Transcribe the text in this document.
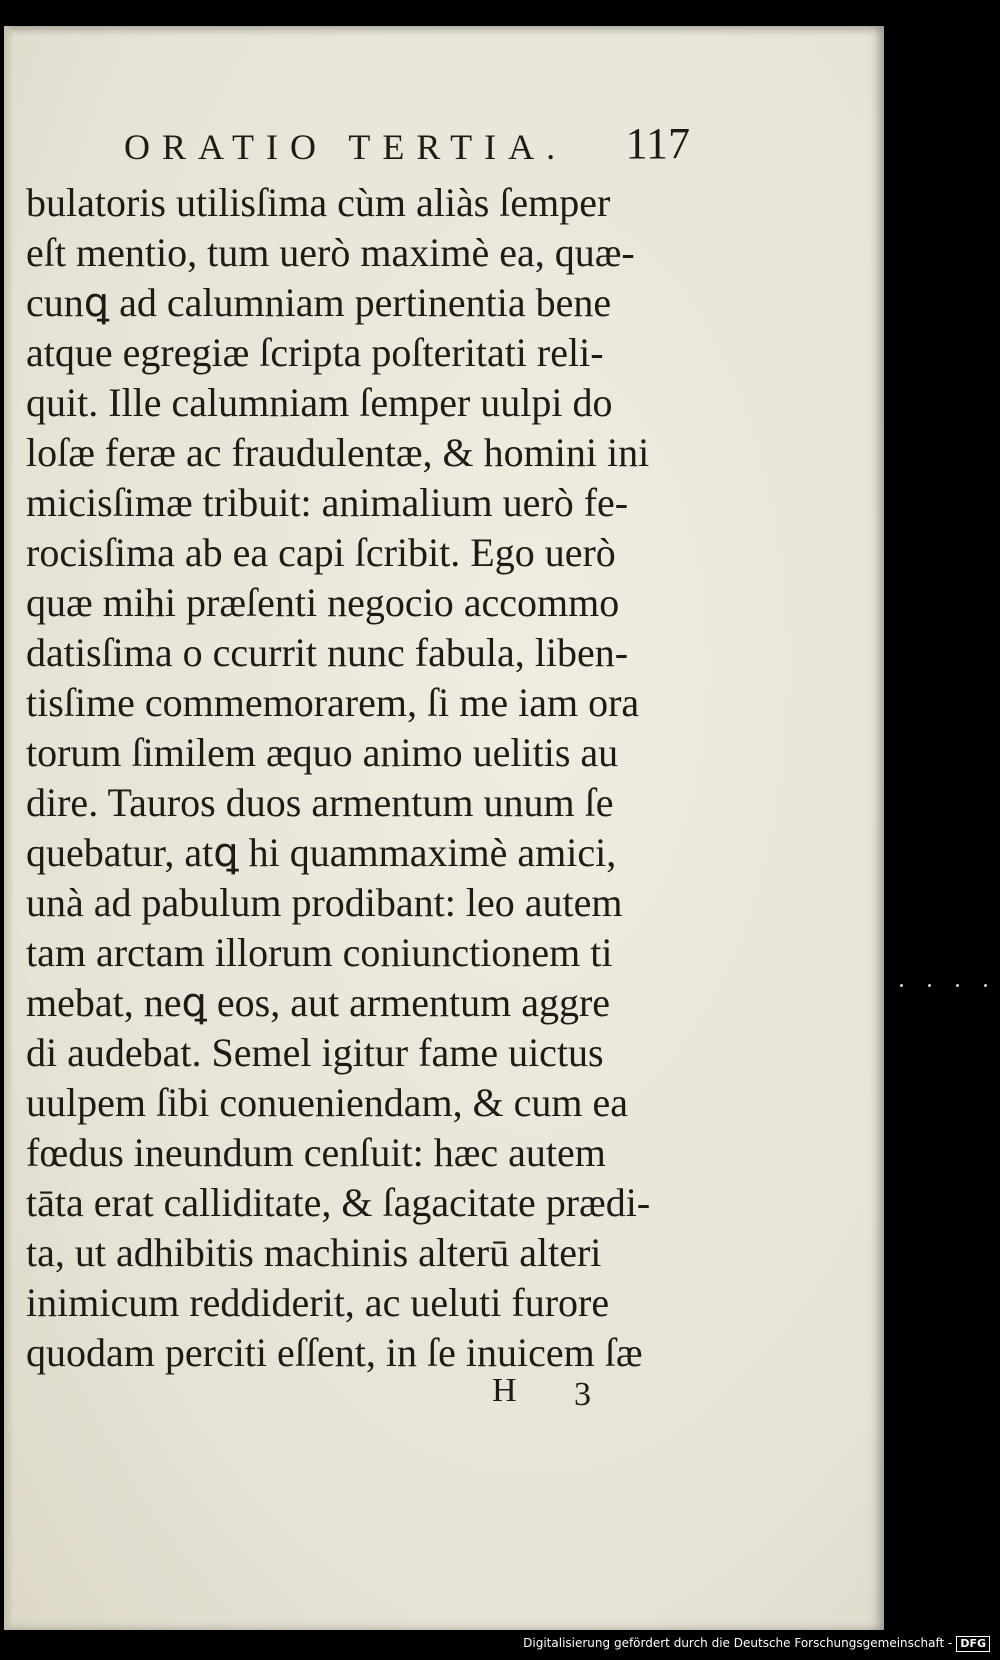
ORATIO TERTIA. 117
bulatoris utilisſima cùm aliàs ſemper
eſt mentio, tum uerò maximè ea, quæ-
cunꝗ ad calumniam pertinentia bene
atque egregiæ ſcripta poſteritati reli-
quit. Ille calumniam ſemper uulpi do
loſæ feræ ac fraudulentæ, & homini ini
micisſimæ tribuit: animalium uerò fe-
rocisſima ab ea capi ſcribit. Ego uerò
quæ mihi præſenti negocio accommo
datisſima o ccurrit nunc fabula, liben-
tisſime commemorarem, ſi me iam ora
torum ſimilem æquo animo uelitis au
dire. Tauros duos armentum unum ſe
quebatur, atꝗ hi quammaximè amici,
unà ad pabulum prodibant: leo autem
tam arctam illorum coniunctionem ti
mebat, neꝗ eos, aut armentum aggre
di audebat. Semel igitur fame uictus
uulpem ſibi conueniendam, & cum ea
fœdus ineundum cenſuit: hæc autem
tāta erat calliditate, & ſagacitate prædi-
ta, ut adhibitis machinis alterū alteri
inimicum reddiderit, ac ueluti furore
quodam perciti eſſent, in ſe inuicem ſæ
H 3
Digitalisierung gefördert durch die Deutsche Forschungsgemeinschaft - DFG
